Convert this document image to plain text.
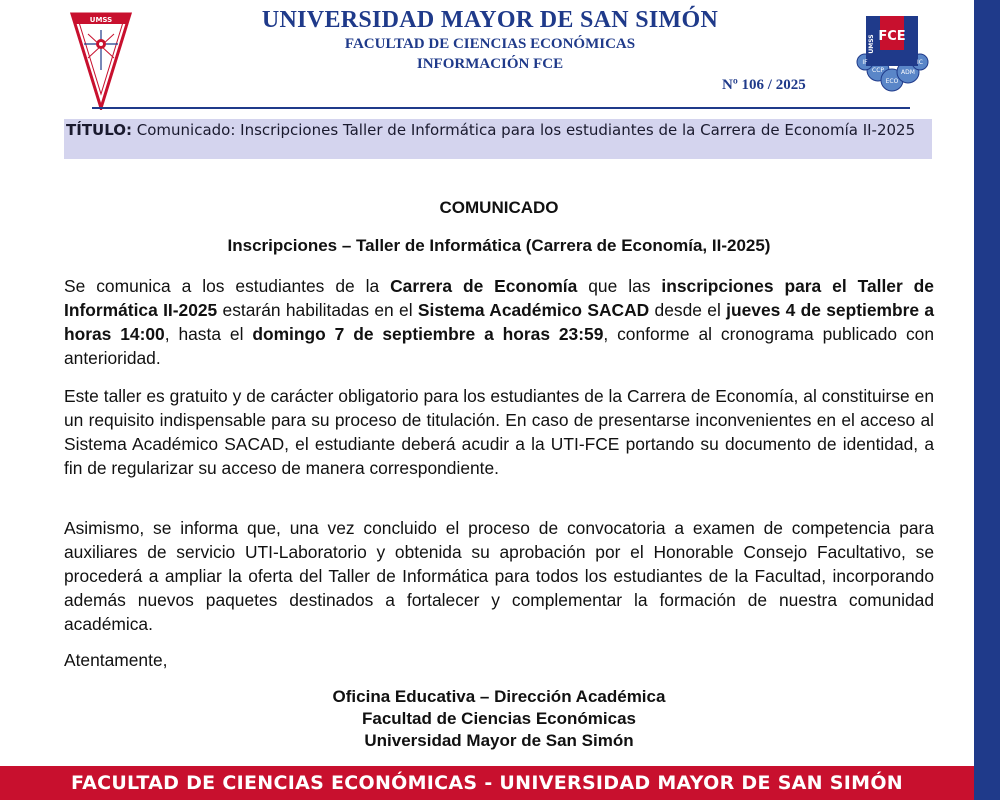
UMSS
FCE
UMSS
IF
CCP
ECO
ADM
IC
UNIVERSIDAD MAYOR DE SAN SIMÓN
FACULTAD DE CIENCIAS ECONÓMICAS
INFORMACIÓN FCE
Nº 106 / 2025
TÍTULO: Comunicado: Inscripciones Taller de Informática para los estudiantes de la Carrera de Economía II-2025
COMUNICADO
Inscripciones – Taller de Informática (Carrera de Economía, II-2025)
Se comunica a los estudiantes de la Carrera de Economía que las inscripciones para el Taller de Informática II-2025 estarán habilitadas en el Sistema Académico SACAD desde el jueves 4 de septiembre a horas 14:00, hasta el domingo 7 de septiembre a horas 23:59, conforme al cronograma publicado con anterioridad.
Este taller es gratuito y de carácter obligatorio para los estudiantes de la Carrera de Economía, al constituirse en un requisito indispensable para su proceso de titulación. En caso de presentarse inconvenientes en el acceso al Sistema Académico SACAD, el estudiante deberá acudir a la UTI-FCE portando su documento de identidad, a fin de regularizar su acceso de manera correspondiente.
Asimismo, se informa que, una vez concluido el proceso de convocatoria a examen de competencia para auxiliares de servicio UTI-Laboratorio y obtenida su aprobación por el Honorable Consejo Facultativo, se procederá a ampliar la oferta del Taller de Informática para todos los estudiantes de la Facultad, incorporando además nuevos paquetes destinados a fortalecer y complementar la formación de nuestra comunidad académica.
Atentamente,
Oficina Educativa – Dirección Académica
Facultad de Ciencias Económicas
Universidad Mayor de San Simón
FACULTAD DE CIENCIAS ECONÓMICAS - UNIVERSIDAD MAYOR DE SAN SIMÓN
